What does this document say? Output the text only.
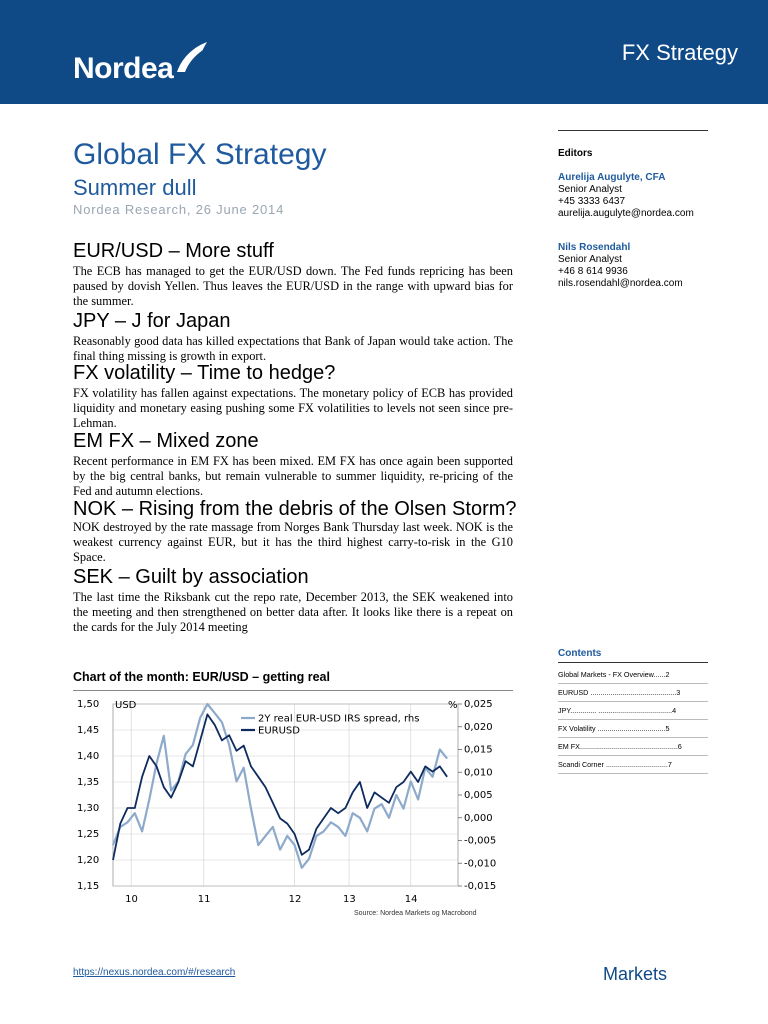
Nordea	FX Strategy
Global FX Strategy
Summer dull
Nordea Research, 26 June 2014
EUR/USD – More stuff
The ECB has managed to get the EUR/USD down. The Fed funds repricing has been paused by dovish Yellen. Thus leaves the EUR/USD in the range with upward bias for the summer.
JPY – J for Japan
Reasonably good data has killed expectations that Bank of Japan would take action. The final thing missing is growth in export.
FX volatility – Time to hedge?
FX volatility has fallen against expectations. The monetary policy of ECB has provided liquidity and monetary easing pushing some FX volatilities to levels not seen since pre-Lehman.
EM FX – Mixed zone
Recent performance in EM FX has been mixed. EM FX has once again been supported by the big central banks, but remain vulnerable to summer liquidity, re-pricing of the Fed and autumn elections.
NOK – Rising from the debris of the Olsen Storm?
NOK destroyed by the rate massage from Norges Bank Thursday last week. NOK is the weakest currency against EUR, but it has the third highest carry-to-risk in the G10 Space.
SEK – Guilt by association
The last time the Riksbank cut the repo rate, December 2013, the SEK weakened into the meeting and then strengthened on better data after. It looks like there is a repeat on the cards for the July 2014 meeting
Editors
Aurelija Augulyte, CFA
Senior Analyst
+45 3333 6437
aurelija.augulyte@nordea.com
Nils Rosendahl
Senior Analyst
+46 8 614 9936
nils.rosendahl@nordea.com
Contents
Global Markets - FX Overview......2
EURUSD ...........................................3
JPY............. .....................................4
FX Volatility ..................................5
EM FX.................................................6
Scandi Corner ...............................7
Chart of the month: EUR/USD – getting real
1,50
1,45
1,40
1,35
1,30
1,25
1,20
1,15
0,025
0,020
0,015
0,010
0,005
0,000
-0,005
-0,010
-0,015
10	11	12	13	14
USD	%
2Y real EUR-USD IRS spread, rhs
EURUSD
Source: Nordea Markets og Macrobond
https://nexus.nordea.com/#/research	Markets
